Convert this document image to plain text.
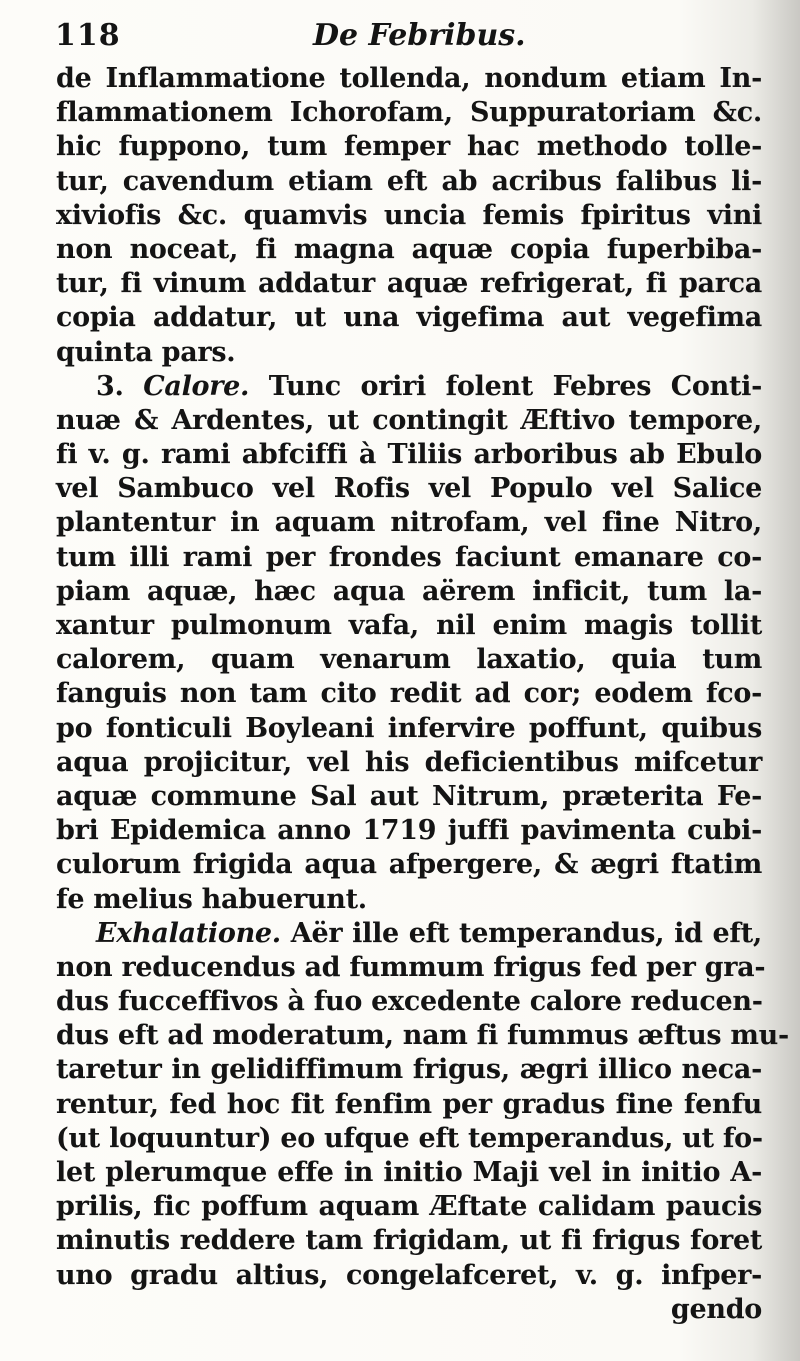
118	De Febribus.
de Inflammatione tollenda, nondum etiam In-
flammationem Ichorofam, Suppuratoriam &c.
hic fuppono, tum femper hac methodo tolle-
tur, cavendum etiam eft ab acribus falibus li-
xiviofis &c. quamvis uncia femis fpiritus vini
non noceat, fi magna aquæ copia fuperbiba-
tur, fi vinum addatur aquæ refrigerat, fi parca
copia addatur, ut una vigefima aut vegefima
quinta pars.
3. Calore. Tunc oriri folent Febres Conti-
nuæ & Ardentes, ut contingit Æftivo tempore,
fi v. g. rami abfciffi à Tiliis arboribus ab Ebulo
vel Sambuco vel Rofis vel Populo vel Salice
plantentur in aquam nitrofam, vel fine Nitro,
tum illi rami per frondes faciunt emanare co-
piam aquæ, hæc aqua aërem inficit, tum la-
xantur pulmonum vafa, nil enim magis tollit
calorem, quam venarum laxatio, quia tum
fanguis non tam cito redit ad cor; eodem fco-
po fonticuli Boyleani infervire poffunt, quibus
aqua projicitur, vel his deficientibus mifcetur
aquæ commune Sal aut Nitrum, præterita Fe-
bri Epidemica anno 1719 juffi pavimenta cubi-
culorum frigida aqua afpergere, & ægri ftatim
fe melius habuerunt.
Exhalatione. Aër ille eft temperandus, id eft,
non reducendus ad fummum frigus fed per gra-
dus fucceffivos à fuo excedente calore reducen-
dus eft ad moderatum, nam fi fummus æftus mu-
taretur in gelidiffimum frigus, ægri illico neca-
rentur, fed hoc fit fenfim per gradus fine fenfu
(ut loquuntur) eo ufque eft temperandus, ut fo-
let plerumque effe in initio Maji vel in initio A-
prilis, fic poffum aquam Æftate calidam paucis
minutis reddere tam frigidam, ut fi frigus foret
uno gradu altius, congelafceret, v. g. infper-
gendo
